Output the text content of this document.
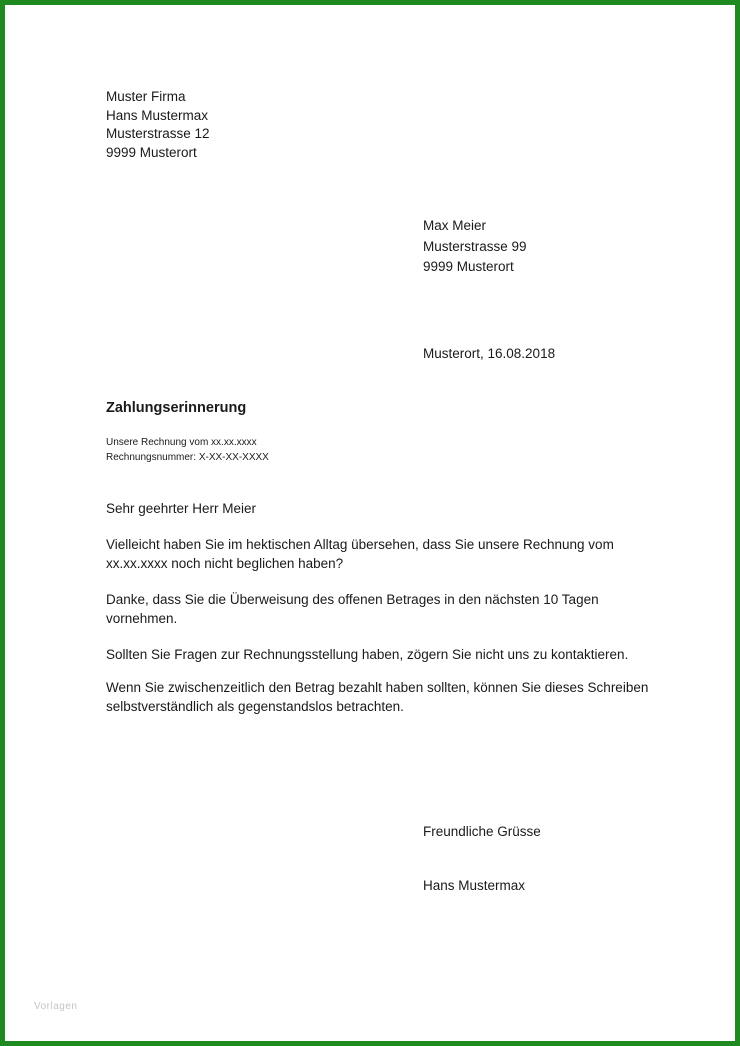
Muster Firma
Hans Mustermax
Musterstrasse 12
9999 Musterort
Max Meier
Musterstrasse 99
9999 Musterort
Musterort, 16.08.2018
Zahlungserinnerung
Unsere Rechnung vom xx.xx.xxxx
Rechnungsnummer: X-XX-XX-XXXX
Sehr geehrter Herr Meier
Vielleicht haben Sie im hektischen Alltag übersehen, dass Sie unsere Rechnung vom
xx.xx.xxxx noch nicht beglichen haben?
Danke, dass Sie die Überweisung des offenen Betrages in den nächsten 10 Tagen
vornehmen.
Sollten Sie Fragen zur Rechnungsstellung haben, zögern Sie nicht uns zu kontaktieren.
Wenn Sie zwischenzeitlich den Betrag bezahlt haben sollten, können Sie dieses Schreiben
selbstverständlich als gegenstandslos betrachten.
Freundliche Grüsse
Hans Mustermax
Vorlagen
